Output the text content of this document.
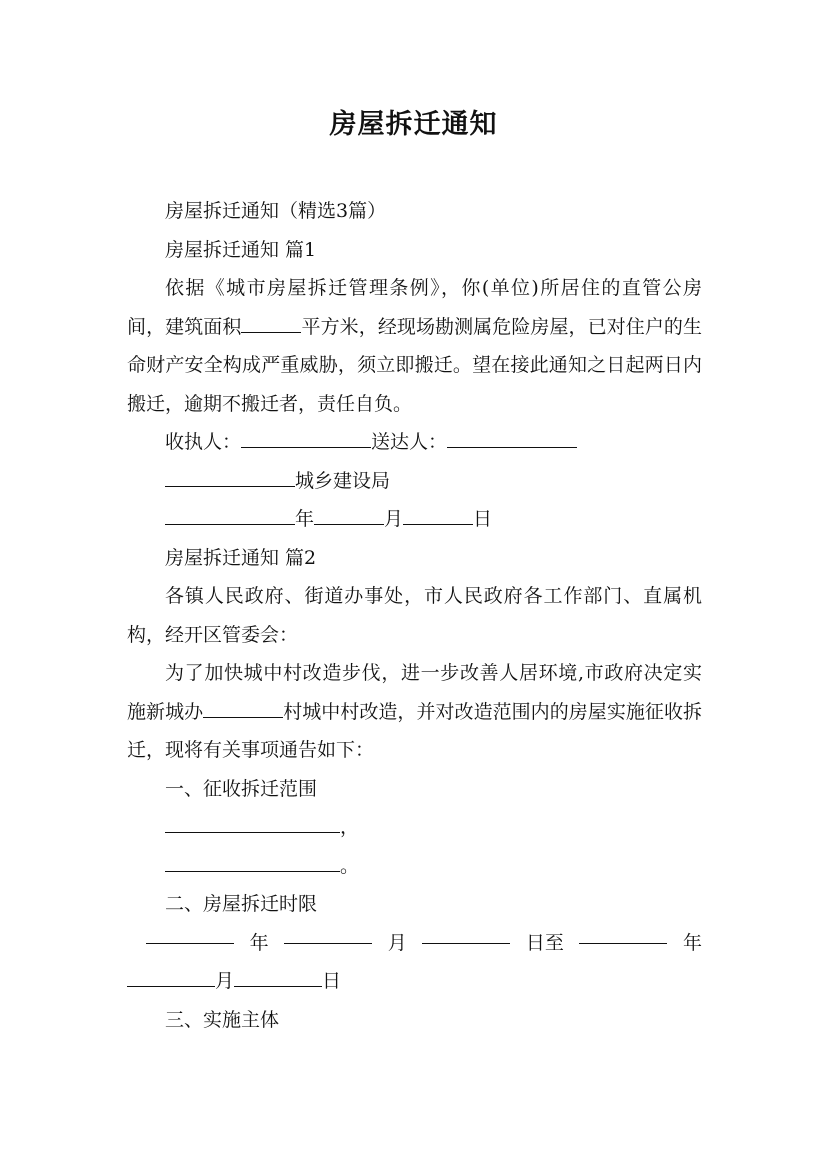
房屋拆迁通知

房屋拆迁通知（精选3篇）

房屋拆迁通知 篇1

依据《城市房屋拆迁管理条例》，你(单位)所居住的直管公房间，建筑面积	平方米，经现场勘测属危险房屋，已对住户的生命财产安全构成严重威胁，须立即搬迁。望在接此通知之日起两日内搬迁，逾期不搬迁者，责任自负。

收执人：	送达人：

城乡建设局

年	月	日

房屋拆迁通知 篇2

各镇人民政府、街道办事处，市人民政府各工作部门、直属机构，经开区管委会：

为了加快城中村改造步伐，进一步改善人居环境,市政府决定实施新城办	村城中村改造，并对改造范围内的房屋实施征收拆迁，现将有关事项通告如下：

一、征收拆迁范围

，

。

二、房屋拆迁时限

年	月	日至	年

月	日

三、实施主体
